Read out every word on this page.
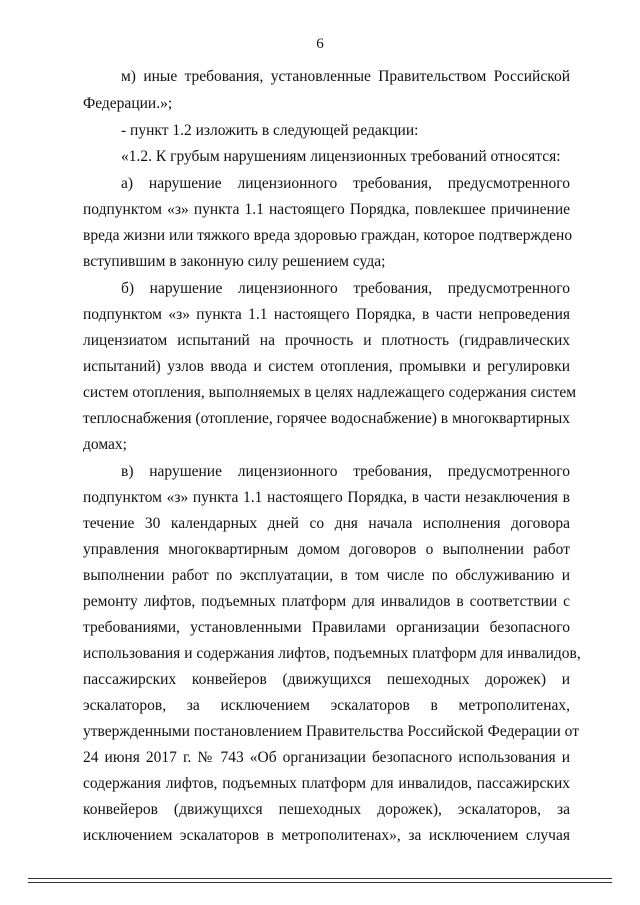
6
м) иные требования, установленные Правительством Российской
Федерации.»;
- пункт 1.2 изложить в следующей редакции:
«1.2. К грубым нарушениям лицензионных требований относятся:
а) нарушение лицензионного требования, предусмотренного
подпунктом «з» пункта 1.1 настоящего Порядка, повлекшее причинение
вреда жизни или тяжкого вреда здоровью граждан, которое подтверждено
вступившим в законную силу решением суда;
б) нарушение лицензионного требования, предусмотренного
подпунктом «з» пункта 1.1 настоящего Порядка, в части непроведения
лицензиатом испытаний на прочность и плотность (гидравлических
испытаний) узлов ввода и систем отопления, промывки и регулировки
систем отопления, выполняемых в целях надлежащего содержания систем
теплоснабжения (отопление, горячее водоснабжение) в многоквартирных
домах;
в) нарушение лицензионного требования, предусмотренного
подпунктом «з» пункта 1.1 настоящего Порядка, в части незаключения в
течение 30 календарных дней со дня начала исполнения договора
управления многоквартирным домом договоров о выполнении работ
выполнении работ по эксплуатации, в том числе по обслуживанию и
ремонту лифтов, подъемных платформ для инвалидов в соответствии с
требованиями, установленными Правилами организации безопасного
использования и содержания лифтов, подъемных платформ для инвалидов,
пассажирских конвейеров (движущихся пешеходных дорожек) и
эскалаторов, за исключением эскалаторов в метрополитенах,
утвержденными постановлением Правительства Российской Федерации от
24 июня 2017 г. № 743 «Об организации безопасного использования и
содержания лифтов, подъемных платформ для инвалидов, пассажирских
конвейеров (движущихся пешеходных дорожек), эскалаторов, за
исключением эскалаторов в метрополитенах», за исключением случая
